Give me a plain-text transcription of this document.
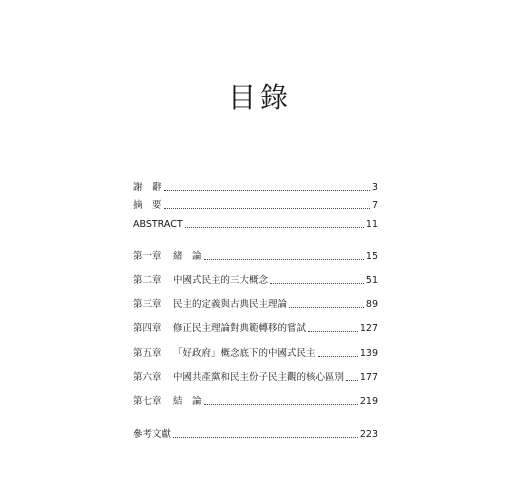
目錄
謝　辭	3
摘　要	7
ABSTRACT	11
第一章	緒　論	15
第二章	中國式民主的三大概念	51
第三章	民主的定義與古典民主理論	89
第四章	修正民主理論對典範轉移的嘗試	127
第五章	「好政府」概念底下的中國式民主	139
第六章	中國共產黨和民主份子民主觀的核心區別 177
第七章	結　論	219
參考文獻	223
